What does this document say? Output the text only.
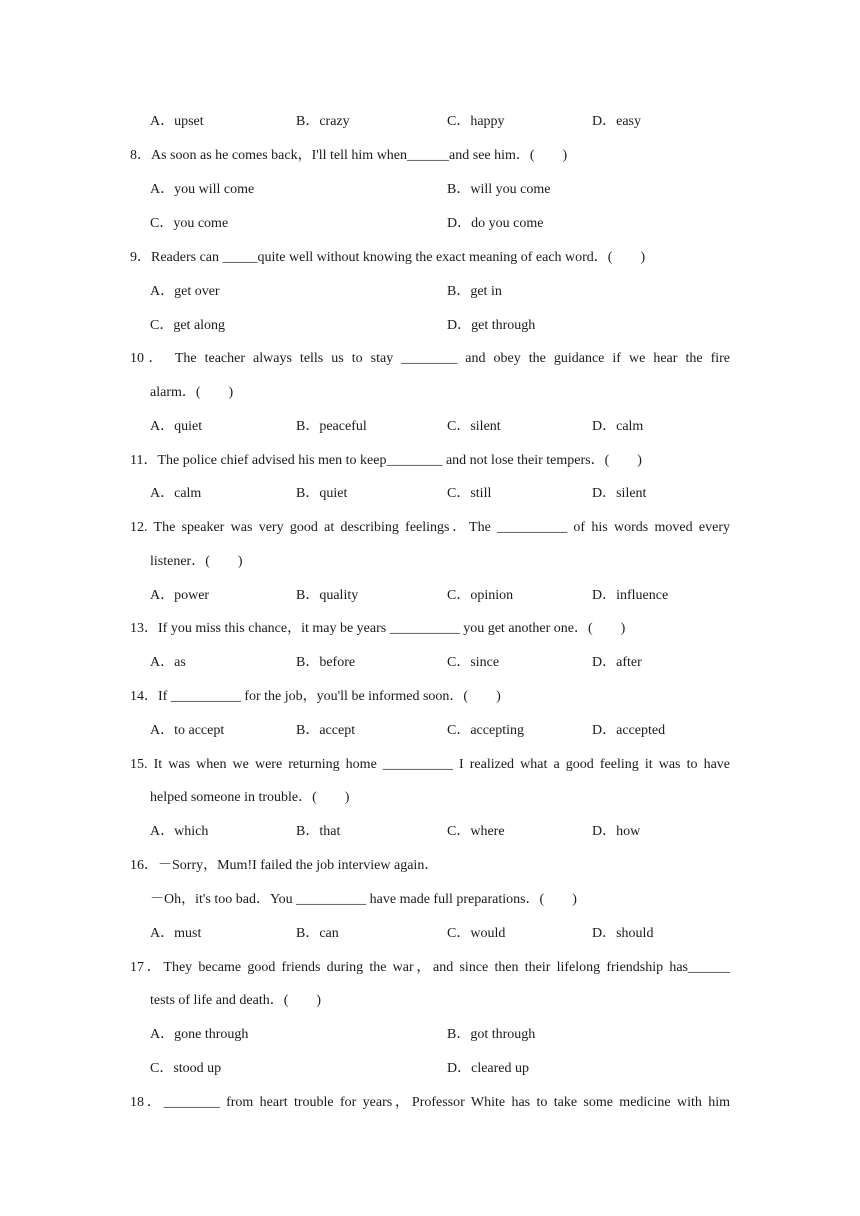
A．upset	B．crazy	C．happy	D．easy
8．As soon as he comes back，I'll tell him when______and see him．(　　)
A．you will come	B．will you come
C．you come	D．do you come
9．Readers can _____quite well without knowing the exact meaning of each word．(　　)
A．get over	B．get in
C．get along	D．get through
10． The teacher always tells us to stay ________ and obey the guidance if we hear the fire
alarm．(　　)
A．quiet	B．peaceful	C．silent	D．calm
11．The police chief advised his men to keep________ and not lose their tempers．(　　)
A．calm	B．quiet	C．still	D．silent
12. The speaker was very good at describing feelings．The __________ of his words moved every
listener．(　　)
A．power	B．quality	C．opinion	D．influence
13．If you miss this chance，it may be years __________ you get another one．(　　)
A．as	B．before	C．since	D．after
14．If __________ for the job，you'll be informed soon．(　　)
A．to accept	B．accept	C．accepting	D．accepted
15. It was when we were returning home __________ I realized what a good feeling it was to have
helped someone in trouble．(　　)
A．which	B．that	C．where	D．how
16．－Sorry，Mum!I failed the job interview again．
－Oh，it's too bad．You __________ have made full preparations．(　　)
A．must	B．can	C．would	D．should
17．They became good friends during the war，and since then their lifelong friendship has______
tests of life and death．(　　)
A．gone through	B．got through
C．stood up	D．cleared up
18．________ from heart trouble for years，Professor White has to take some medicine with him
